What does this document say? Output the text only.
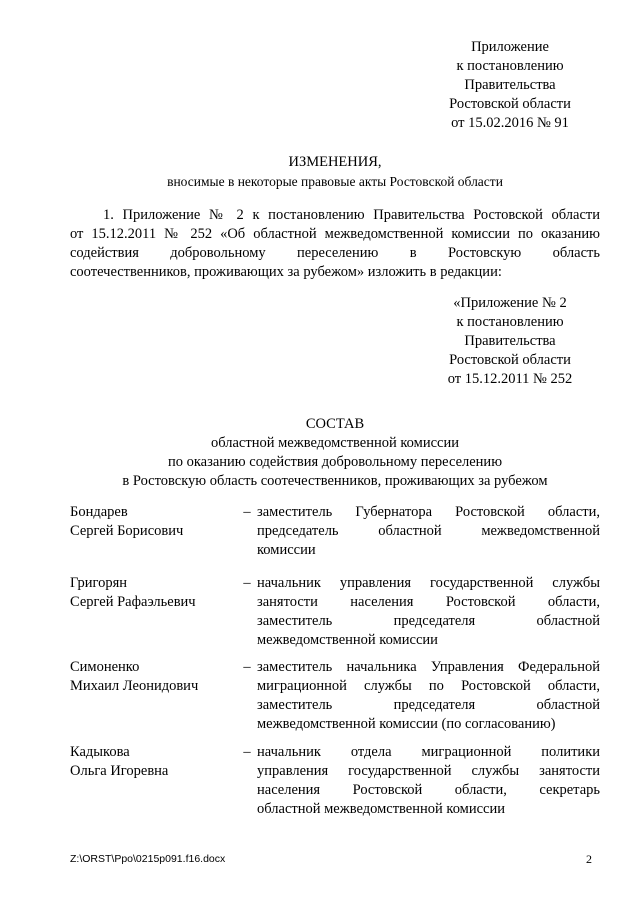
Приложение
к постановлению
Правительства
Ростовской области
от 15.02.2016 № 91
ИЗМЕНЕНИЯ,
вносимые в некоторые правовые акты Ростовской области
1. Приложение № 2 к постановлению Правительства Ростовской области
от 15.12.2011 № 252 «Об областной межведомственной комиссии по оказанию
содействия добровольному переселению в Ростовскую область
соотечественников, проживающих за рубежом» изложить в редакции:
«Приложение № 2
к постановлению
Правительства
Ростовской области
от 15.12.2011 № 252
СОСТАВ
областной межведомственной комиссии
по оказанию содействия добровольному переселению
в Ростовскую область соотечественников, проживающих за рубежом
Бондарев
Сергей Борисович
– заместитель Губернатора Ростовской области,
председатель областной межведомственной
комиссии
Григорян
Сергей Рафаэльевич
– начальник управления государственной службы
занятости населения Ростовской области,
заместитель председателя областной
межведомственной комиссии
Симоненко
Михаил Леонидович
– заместитель начальника Управления Федеральной
миграционной службы по Ростовской области,
заместитель председателя областной
межведомственной комиссии (по согласованию)
Кадыкова
Ольга Игоревна
– начальник отдела миграционной политики
управления государственной службы занятости
населения Ростовской области, секретарь
областной межведомственной комиссии
Z:\ORST\Ppo\0215p091.f16.docx	2
